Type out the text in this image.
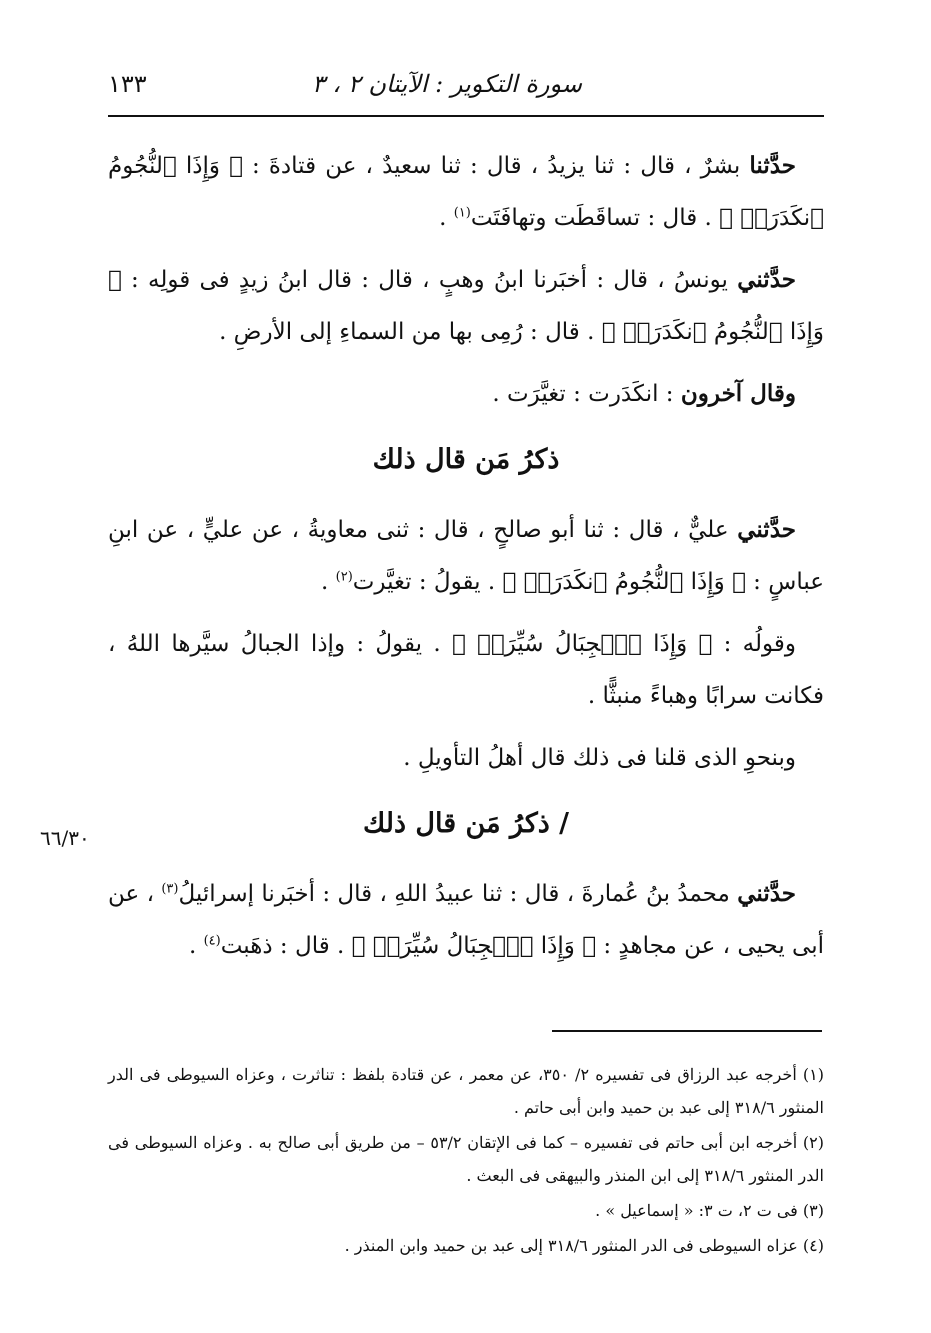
سورة التكوير : الآيتان ٢ ، ٣
١٣٣

حدَّثنا بشرٌ ، قال : ثنا يزيدُ ، قال : ثنا سعيدٌ ، عن قتادةَ : ﴿ وَإِذَا ٱلنُّجُومُ ٱنكَدَرَتۡ ﴾ . قال : تساقَطَت وتهافَتَت$^{(١)}$ .

حدَّثني يونسُ ، قال : أخبَرنا ابنُ وهبٍ ، قال : قال ابنُ زيدٍ فى قولِه : ﴿ وَإِذَا ٱلنُّجُومُ ٱنكَدَرَتۡ ﴾ . قال : رُمِى بها من السماءِ إلى الأرضِ .

وقال آخرون : انكَدَرت : تغيَّرَت .

ذكرُ مَن قال ذلك

حدَّثني عليٌّ ، قال : ثنا أبو صالحٍ ، قال : ثنى معاويةُ ، عن عليٍّ ، عن ابنِ عباسٍ : ﴿ وَإِذَا ٱلنُّجُومُ ٱنكَدَرَتۡ ﴾ . يقولُ : تغيَّرت$^{(٢)}$ .

وقولُه : ﴿ وَإِذَا ٱلۡجِبَالُ سُيِّرَتۡ ﴾ . يقولُ : وإذا الجبالُ سيَّرها اللهُ ، فكانت سرابًا وهباءً منبثًّا .

وبنحوِ الذى قلنا فى ذلك قال أهلُ التأويلِ .

/ ذكرُ مَن قال ذلك

حدَّثني محمدُ بنُ عُمارةَ ، قال : ثنا عبيدُ اللهِ ، قال : أخبَرنا إسرائيلُ$^{(٣)}$ ، عن أبى يحيى ، عن مجاهدٍ : ﴿ وَإِذَا ٱلۡجِبَالُ سُيِّرَتۡ ﴾ . قال : ذهَبت$^{(٤)}$ .

٦٦/٣٠

(١) أخرجه عبد الرزاق فى تفسيره ٢/ ٣٥٠، عن معمر ، عن قتادة بلفظ : تناثرت ، وعزاه السيوطى فى الدر المنثور ٣١٨/٦ إلى عبد بن حميد وابن أبى حاتم .

(٢) أخرجه ابن أبى حاتم فى تفسيره – كما فى الإتقان ٥٣/٢ – من طريق أبى صالح به . وعزاه السيوطى فى الدر المنثور ٣١٨/٦ إلى ابن المنذر والبيهقى فى البعث .

(٣) فى ت ٢، ت ٣: « إسماعيل » .

(٤) عزاه السيوطى فى الدر المنثور ٣١٨/٦ إلى عبد بن حميد وابن المنذر .
